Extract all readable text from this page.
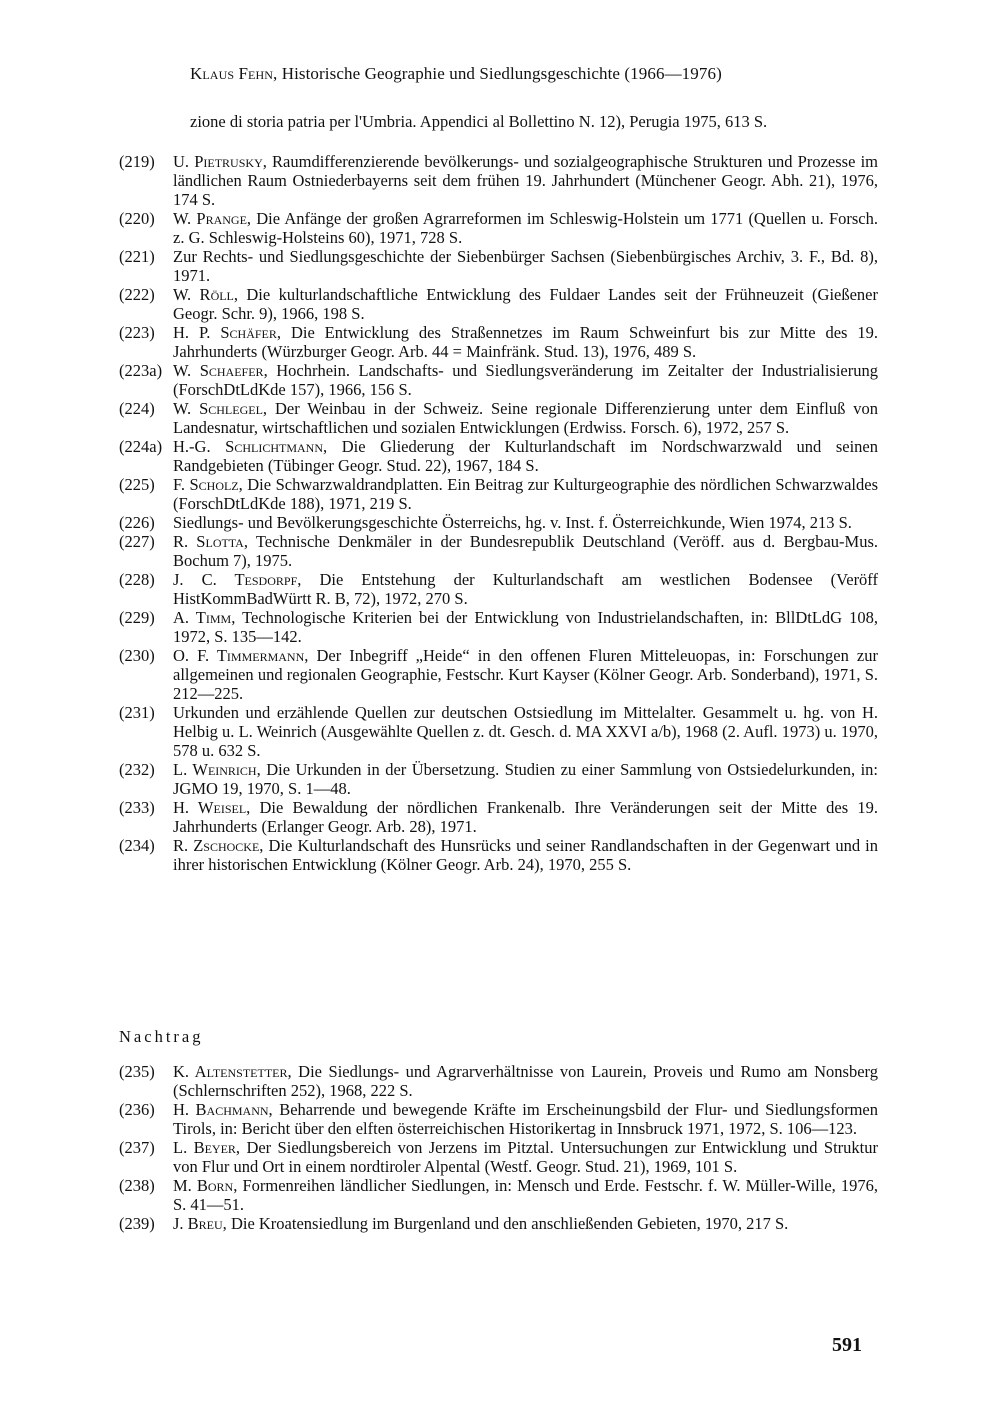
Klaus Fehn, Historische Geographie und Siedlungsgeschichte (1966—1976)
zione di storia patria per l'Umbria. Appendici al Bollettino N. 12), Perugia 1975, 613 S.
(219)	U. Pietrusky, Raumdifferenzierende bevölkerungs- und sozialgeographische Strukturen und Prozesse im ländlichen Raum Ostniederbayerns seit dem frühen 19. Jahrhundert (Münchener Geogr. Abh. 21), 1976, 174 S.
(220)	W. Prange, Die Anfänge der großen Agrarreformen im Schleswig-Holstein um 1771 (Quellen u. Forsch. z. G. Schleswig-Holsteins 60), 1971, 728 S.
(221)	Zur Rechts- und Siedlungsgeschichte der Siebenbürger Sachsen (Siebenbürgisches Archiv, 3. F., Bd. 8), 1971.
(222)	W. Röll, Die kulturlandschaftliche Entwicklung des Fuldaer Landes seit der Frühneuzeit (Gießener Geogr. Schr. 9), 1966, 198 S.
(223)	H. P. Schäfer, Die Entwicklung des Straßennetzes im Raum Schweinfurt bis zur Mitte des 19. Jahrhunderts (Würzburger Geogr. Arb. 44 = Mainfränk. Stud. 13), 1976, 489 S.
(223a) W. Schaefer, Hochrhein. Landschafts- und Siedlungsveränderung im Zeitalter der Industrialisierung (ForschDtLdKde 157), 1966, 156 S.
(224)	W. Schlegel, Der Weinbau in der Schweiz. Seine regionale Differenzierung unter dem Einfluß von Landesnatur, wirtschaftlichen und sozialen Entwicklungen (Erdwiss. Forsch. 6), 1972, 257 S.
(224a) H.-G. Schlichtmann, Die Gliederung der Kulturlandschaft im Nordschwarzwald und seinen Randgebieten (Tübinger Geogr. Stud. 22), 1967, 184 S.
(225)	F. Scholz, Die Schwarzwaldrandplatten. Ein Beitrag zur Kulturgeographie des nördlichen Schwarzwaldes (ForschDtLdKde 188), 1971, 219 S.
(226)	Siedlungs- und Bevölkerungsgeschichte Österreichs, hg. v. Inst. f. Österreichkunde, Wien 1974, 213 S.
(227)	R. Slotta, Technische Denkmäler in der Bundesrepublik Deutschland (Veröff. aus d. Bergbau-Mus. Bochum 7), 1975.
(228)	J. C. Tesdorpf, Die Entstehung der Kulturlandschaft am westlichen Bodensee (Veröff HistKommBadWürtt R. B, 72), 1972, 270 S.
(229)	A. Timm, Technologische Kriterien bei der Entwicklung von Industrielandschaften, in: BllDtLdG 108, 1972, S. 135—142.
(230)	O. F. Timmermann, Der Inbegriff „Heide“ in den offenen Fluren Mitteleuopas, in: Forschungen zur allgemeinen und regionalen Geographie, Festschr. Kurt Kayser (Kölner Geogr. Arb. Sonderband), 1971, S. 212—225.
(231)	Urkunden und erzählende Quellen zur deutschen Ostsiedlung im Mittelalter. Gesammelt u. hg. von H. Helbig u. L. Weinrich (Ausgewählte Quellen z. dt. Gesch. d. MA XXVI a/b), 1968 (2. Aufl. 1973) u. 1970, 578 u. 632 S.
(232)	L. Weinrich, Die Urkunden in der Übersetzung. Studien zu einer Sammlung von Ostsiedelurkunden, in: JGMO 19, 1970, S. 1—48.
(233)	H. Weisel, Die Bewaldung der nördlichen Frankenalb. Ihre Veränderungen seit der Mitte des 19. Jahrhunderts (Erlanger Geogr. Arb. 28), 1971.
(234)	R. Zschocke, Die Kulturlandschaft des Hunsrücks und seiner Randlandschaften in der Gegenwart und in ihrer historischen Entwicklung (Kölner Geogr. Arb. 24), 1970, 255 S.
Nachtrag
(235)	K. Altenstetter, Die Siedlungs- und Agrarverhältnisse von Laurein, Proveis und Rumo am Nonsberg (Schlernschriften 252), 1968, 222 S.
(236)	H. Bachmann, Beharrende und bewegende Kräfte im Erscheinungsbild der Flur- und Siedlungsformen Tirols, in: Bericht über den elften österreichischen Historikertag in Innsbruck 1971, 1972, S. 106—123.
(237)	L. Beyer, Der Siedlungsbereich von Jerzens im Pitztal. Untersuchungen zur Entwicklung und Struktur von Flur und Ort in einem nordtiroler Alpental (Westf. Geogr. Stud. 21), 1969, 101 S.
(238)	M. Born, Formenreihen ländlicher Siedlungen, in: Mensch und Erde. Festschr. f. W. Müller-Wille, 1976, S. 41—51.
(239)	J. Breu, Die Kroatensiedlung im Burgenland und den anschließenden Gebieten, 1970, 217 S.
591
